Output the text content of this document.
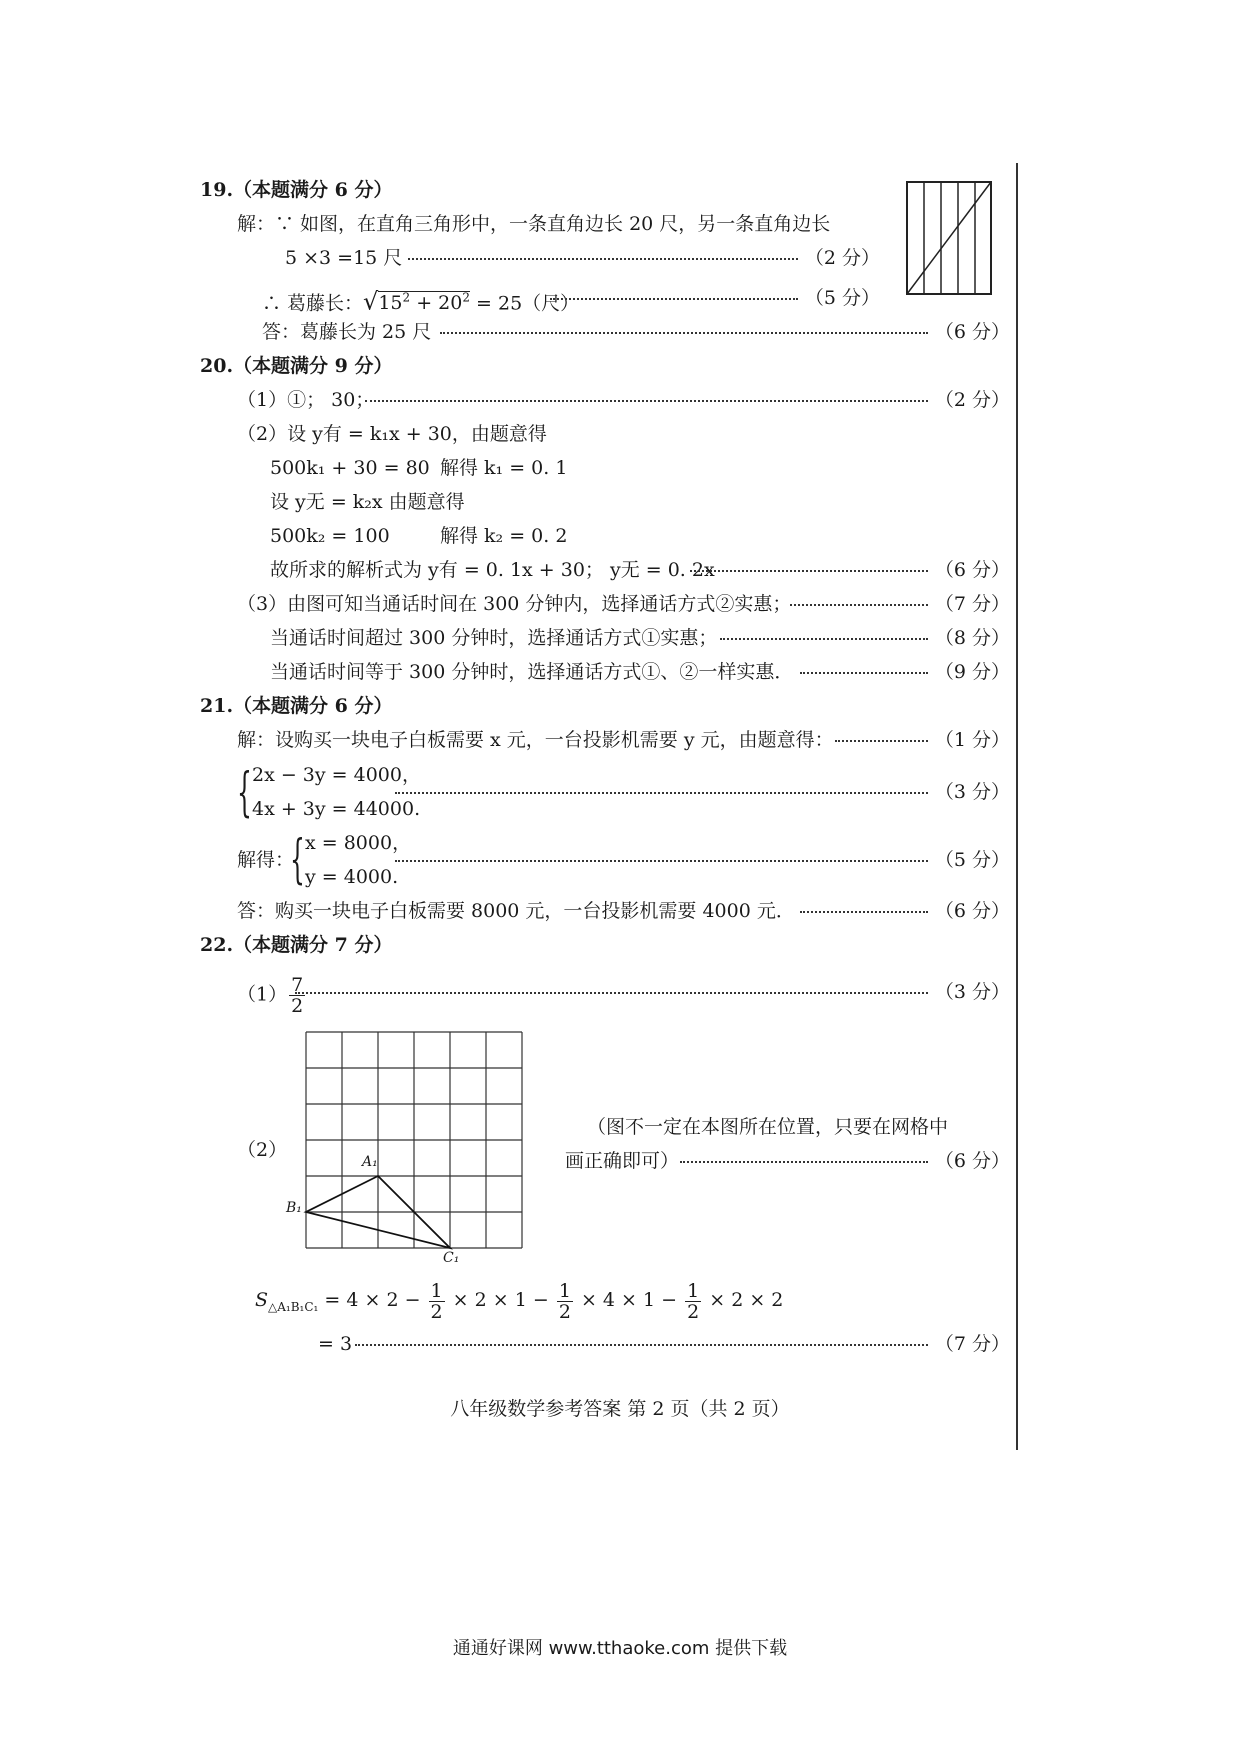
19.（本题满分 6 分）
解：∵ 如图，在直角三角形中，一条直角边长 20 尺，另一条直角边长
5 ×3 =15 尺	（2 分）
∴ 葛藤长：$√15^2 + 20^2 = 25$（尺）	（5 分）
答：葛藤长为 25 尺	（6 分）
20.（本题满分 9 分）
（1）①； 30；	（2 分）
（2）设 y有 = k₁x + 30，由题意得
500k₁ + 30 = 80 解得 k₁ = 0. 1
设 y无 = k₂x 由题意得
500k₂ = 100	解得 k₂ = 0. 2
故所求的解析式为 y有 = 0. 1x + 30； y无 = 0. 2x	（6 分）
（3）由图可知当通话时间在 300 分钟内，选择通话方式②实惠；	（7 分）
当通话时间超过 300 分钟时，选择通话方式①实惠；	（8 分）
当通话时间等于 300 分钟时，选择通话方式①、②一样实惠．	（9 分）
21.（本题满分 6 分）
解：设购买一块电子白板需要 x 元，一台投影机需要 y 元，由题意得：	（1 分）
{ 2x − 3y = 4000，
4x + 3y = 44000.
（3 分）
解得：
{ x = 8000，
y = 4000.
（5 分）
答：购买一块电子白板需要 8000 元，一台投影机需要 4000 元．	（6 分）
22.（本题满分 7 分）
$(1) \frac{7}{2}$	（3 分）
（2）
A₁
B₁
C₁
（图不一定在本图所在位置，只要在网格中
画正确即可）	（6 分）
$S_{\triangle A_1B_1C_1} = 4 \times 2 - \frac{1}{2} \times 2 \times 1 - \frac{1}{2} \times 4 \times 1 - \frac{1}{2} \times 2 \times 2$
= 3	（7 分）
八年级数学参考答案 第 2 页（共 2 页）
通通好课网 www.tthaoke.com 提供下载
